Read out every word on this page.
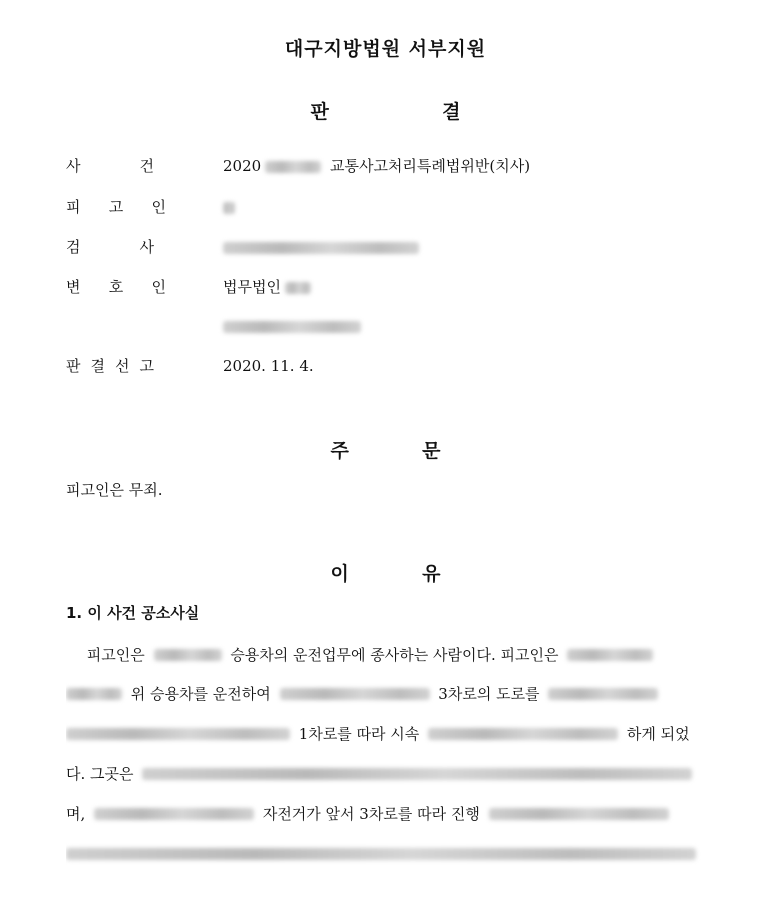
대구지방법원 서부지원
판	결
사	건	2020	교통사고처리특례법위반(치사)
피 고 인
검	사
변 호 인	법무법인
판 결 선 고	2020. 11. 4.
주	문
피고인은 무죄.
이	유
1. 이 사건 공소사실
피고인은	승용차의 운전업무에 종사하는 사람이다. 피고인은
위 승용차를 운전하여	3차로의 도로를
1차로를 따라 시속	하게 되었
다. 그곳은
며,	자전거가 앞서 3차로를 따라 진행
